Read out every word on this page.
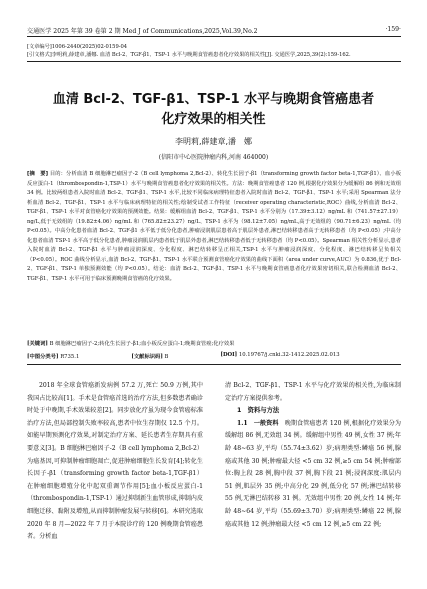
交通医学 2025 年第 39 卷第 2 期 Med J of Communications,2025,Vol.39,No.2	·159·
[文章编号]1006-2440(2025)02-0159-04
[引文格式]李明莉,薛建章,潘娜. 血清 Bcl-2、TGF-β1、TSP-1 水平与晚期食管癌患者化疗效果的相关性[J]. 交通医学,2025,39(2):159-162.
血清 Bcl-2、TGF-β1、TSP-1 水平与晚期食管癌患者
化疗效果的相关性
李明莉,薛建章,潘　娜
(信阳市中心医院肿瘤内科,河南 464000)
[摘　要] 目的：分析血清 B 细胞淋巴瘤因子-2（B cell lymphoma 2,Bcl-2）、转化生长因子-β1（transforming growth factor beta-1,TGF-β1）、血小板反应蛋白-1（thrombospondin-1,TSP-1）水平与晚期食管癌患者化疗效果的相关性。方法：晚期食管癌患者 120 例,根据化疗效果分为缓解组 86 例和无效组 34 例。比较两组患者入院时血清 Bcl-2、TGF-β1、TSP-1 水平,比较不同临床病理特征患者入院时血清 Bcl-2、TGF-β1、TSP-1 水平;采用 Spearman 法分析血清 Bcl-2、TGF-β1、TSP-1 水平与临床病理特征的相关性;绘制受试者工作特征（receiver operating characteristic,ROC）曲线,分析血清 Bcl-2、TGF-β1、TSP-1 水平对食管癌化疗效果的预测效能。结果：缓解组血清 Bcl-2、TGF-β1、TSP-1 水平分别为（17.39±3.12）ng/mL 和（741.57±27.19）ng/L,低于无效组的（19.82±4.06）ng/mL 和（765.82±23.27）ng/L、TSP-1 水平为（98.12±7.05）ng/mL,高于无效组的（90.71±6.23）ng/mL（均 P<0.05）。中高分化患者血清 Bcl-2、TGF-β1 水平低于低分化患者,肿瘤浸润肌层患者高于肌层外患者,淋巴结转移患者高于无转移患者（均 P<0.05）;中高分化患者血清 TSP-1 水平高于低分化患者,肿瘤浸润肌层内患者低于肌层外患者,淋巴结转移患者低于无转移患者（均 P<0.05）。Spearman 相关性分析显示,患者入院时血清 Bcl-2、TGF-β1 水平与肿瘤浸润深度、分化程度、淋巴结转移呈正相关,TSP-1 水平与肿瘤浸润深度、分化程度、淋巴结转移呈负相关（P<0.05）。ROC 曲线分析显示,血清 Bcl-2、TGF-β1、TSP-1 水平联合预测食管癌化疗效果的曲线下面积（area under curve,AUC）为 0.836,优于 Bcl-2、TGF-β1、TSP-1 单独预测效能（均 P<0.05）。结论：血清 Bcl-2、TGF-β1、TSP-1 水平与晚期食管癌患者化疗效果密切相关,联合检测血清 Bcl-2、TGF-β1、TSP-1 水平可用于临床预测晚期食管癌的化疗效果。
[关键词] B 细胞淋巴瘤因子-2;转化生长因子-β1;血小板反应蛋白-1;晚期食管癌;化疗效果
[中图分类号] R735.1	[文献标识码] B	[DOI] 10.19767/j.cnki.32-1412.2025.02.013

2018 年全球食管癌新发病例 57.2 万,死亡 50.9 万例,其中我国占比较高[1]。手术是食管癌首选的治疗方法,但多数患者确诊时处于中晚期,手术效果较差[2]。同步放化疗虽为现今食管癌标准治疗方法,但局部控制失败率较高,患者中位生存期仅 12.5 个月。如能早期预测化疗效果,对制定治疗方案、延长患者生存期具有重要意义[3]。B 细胞淋巴瘤因子-2（B cell lymphoma 2,Bcl-2）为癌基因,可抑制肿瘤细胞凋亡,促进肿瘤细胞生长发育[4];转化生长因子-β1（transforming growth factor beta-1,TGF-β1）在肿瘤细胞增殖分化中起双重调节作用[5];血小板反应蛋白-1（thrombospondin-1,TSP-1）通过抑制新生血管形成,抑制内皮细胞迁移、黏附及增殖,从而抑制肿瘤发展与转移[6]。本研究选取 2020 年 8 月—2022 年 7 月于本院诊疗的 120 例晚期食管癌患者。分析血

清 Bcl-2、TGF-β1、TSP-1 水平与化疗效果的相关性,为临床制定治疗方案提供参考。

1　资料与方法

1.1　一般资料　 晚期食管癌患者 120 例,根据化疗效果分为缓解组 86 例,无效组 34 例。缓解组中男性 49 例,女性 37 例;年龄 48~63 岁,平均（55.74±3.62）岁;病理类型:鳞癌 56 例,腺癌或其他 30 例;肿瘤最大径 <5 cm 32 例,≥5 cm 54 例;肿瘤部位:胸上段 28 例,胸中段 37 例,胸下段 21 例;浸润深度:肌层内 51 例,肌层外 35 例;中高分化 29 例,低分化 57 例;淋巴结转移 55 例,无淋巴结转移 31 例。无效组中男性 20 例,女性 14 例;年龄 48~64 岁,平均（55.69±3.70）岁;病理类型:鳞癌 22 例,腺癌或其他 12 例;肿瘤最大径 <5 cm 12 例,≥5 cm 22 例;
